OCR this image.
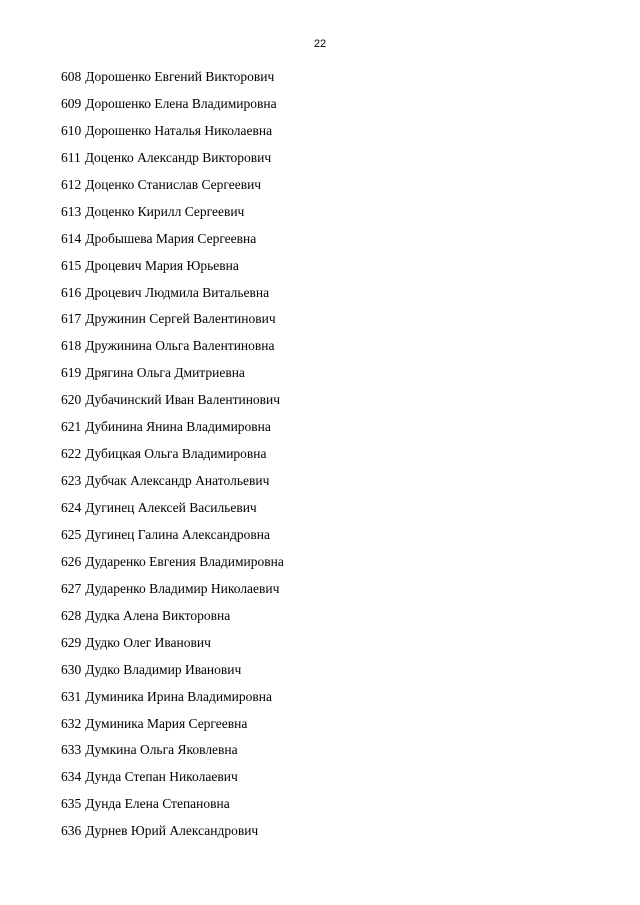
22
608 Дорошенко Евгений Викторович
609 Дорошенко Елена Владимировна
610 Дорошенко Наталья Николаевна
611 Доценко Александр Викторович
612 Доценко Станислав Сергеевич
613 Доценко Кирилл Сергеевич
614 Дробышева Мария Сергеевна
615 Дроцевич Мария Юрьевна
616 Дроцевич Людмила Витальевна
617 Дружинин Сергей Валентинович
618 Дружинина Ольга Валентиновна
619 Дрягина Ольга Дмитриевна
620 Дубачинский Иван Валентинович
621 Дубинина Янина Владимировна
622 Дубицкая Ольга Владимировна
623 Дубчак Александр Анатольевич
624 Дугинец Алексей Васильевич
625 Дугинец Галина Александровна
626 Дударенко Евгения Владимировна
627 Дударенко Владимир Николаевич
628 Дудка Алена Викторовна
629 Дудко Олег Иванович
630 Дудко Владимир Иванович
631 Думиника Ирина Владимировна
632 Думиника Мария Сергеевна
633 Думкина Ольга Яковлевна
634 Дунда Степан Николаевич
635 Дунда Елена Степановна
636 Дурнев Юрий Александрович
